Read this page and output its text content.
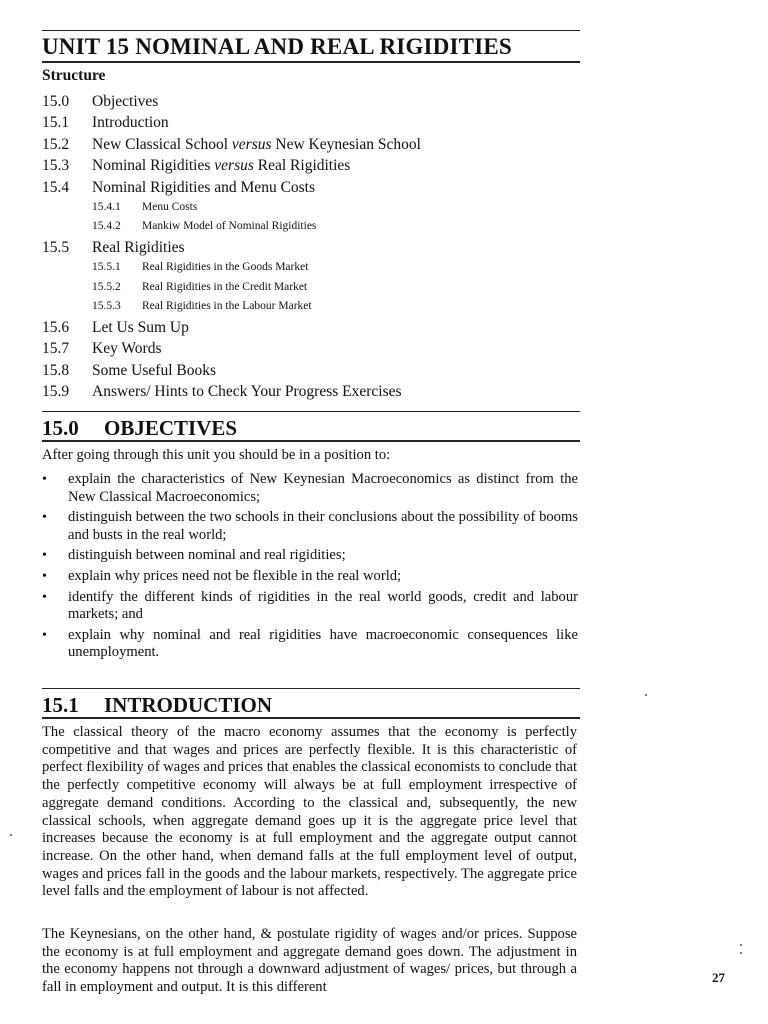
UNIT 15 NOMINAL AND REAL RIGIDITIES

Structure

15.0	Objectives
15.1	Introduction
15.2	New Classical School versus New Keynesian School
15.3	Nominal Rigidities versus Real Rigidities
15.4	Nominal Rigidities and Menu Costs
15.4.1	Menu Costs
15.4.2	Mankiw Model of Nominal Rigidities
15.5	Real Rigidities
15.5.1	Real Rigidities in the Goods Market
15.5.2	Real Rigidities in the Credit Market
15.5.3	Real Rigidities in the Labour Market
15.6	Let Us Sum Up
15.7	Key Words
15.8	Some Useful Books
15.9	Answers/ Hints to Check Your Progress Exercises
15.0 OBJECTIVES

After going through this unit you should be in a position to:

• explain the characteristics of New Keynesian Macroeconomics as distinct from the New Classical Macroeconomics;
• distinguish between the two schools in their conclusions about the possibility of booms and busts in the real world;
• distinguish between nominal and real rigidities;
• explain why prices need not be flexible in the real world;
• identify the different kinds of rigidities in the real world goods, credit and labour markets; and
• explain why nominal and real rigidities have macroeconomic consequences like unemployment.
15.1 INTRODUCTION

The classical theory of the macro economy assumes that the economy is perfectly competitive and that wages and prices are perfectly flexible. It is this characteristic of perfect flexibility of wages and prices that enables the classical economists to conclude that the perfectly competitive economy will always be at full employment irrespective of aggregate demand conditions. According to the classical and, subsequently, the new classical schools, when aggregate demand goes up it is the aggregate price level that increases because the economy is at full employment and the aggregate output cannot increase. On the other hand, when demand falls at the full employment level of output, wages and prices fall in the goods and the labour markets, respectively. The aggregate price level falls and the employment of labour is not affected.

The Keynesians, on the other hand, & postulate rigidity of wages and/or prices. Suppose the economy is at full employment and aggregate demand goes down. The adjustment in the economy happens not through a downward adjustment of wages/ prices, but through a fall in employment and output. It is this different

27
